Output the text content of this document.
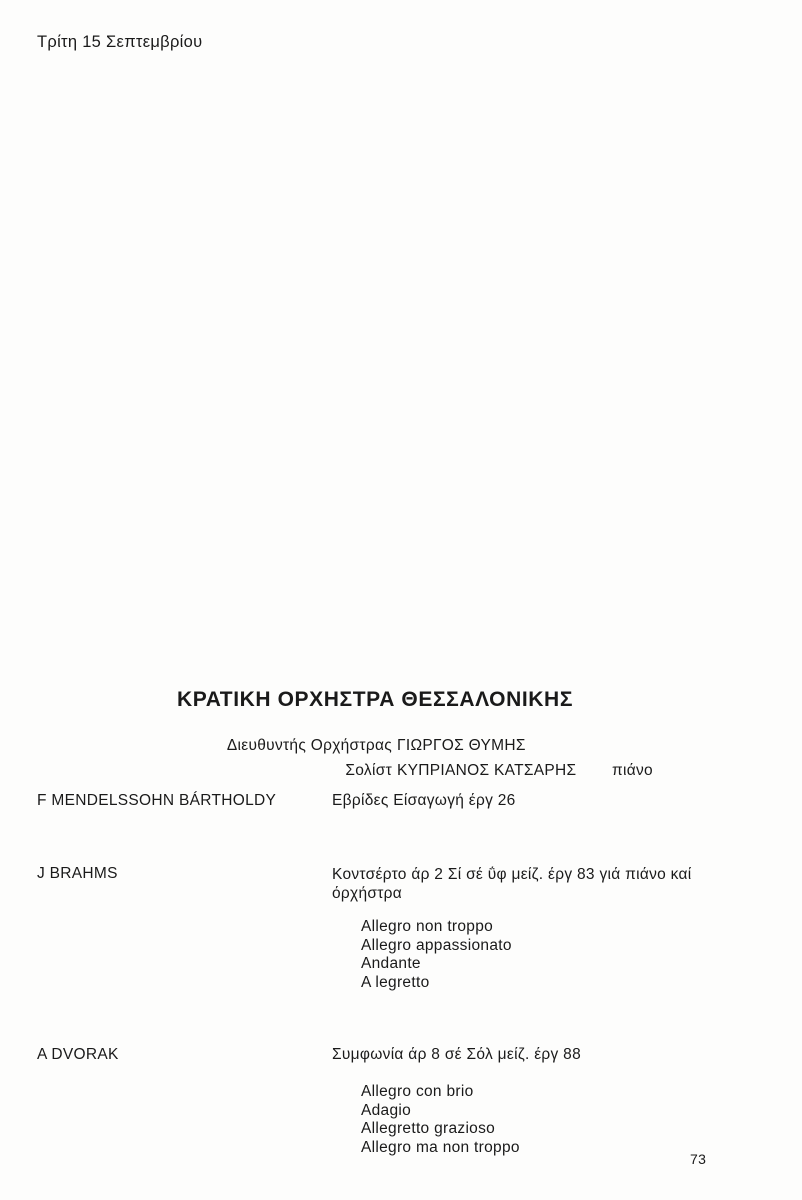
Τρίτη 15 Σεπτεμβρίου
ΚΡΑΤΙΚΗ ΟΡΧΗΣΤΡΑ ΘΕΣΣΑΛΟΝΙΚΗΣ
Διευθυντής Ορχήστρας ΓΙΩΡΓΟΣ ΘΥΜΗΣ
Σολίστ ΚΥΠΡΙΑΝΟΣ ΚΑΤΣΑΡΗΣ πιάνο
F MENDELSSOHN BÁRTHOLDY	Εβρίδες Είσαγωγή έργ 26
J BRAHMS	Κοντσέρτο άρ 2 Σί σέ ΰφ μείζ. έργ 83 γιά πιάνο καί όρχήστρα
Allegro non troppo
Allegro appassionato
Andante
A legretto
A DVORAK	Συμφωνία άρ 8 σέ Σόλ μείζ. έργ 88
Allegro con brio
Adagio
Allegretto grazioso
Allegro ma non troppo
73
